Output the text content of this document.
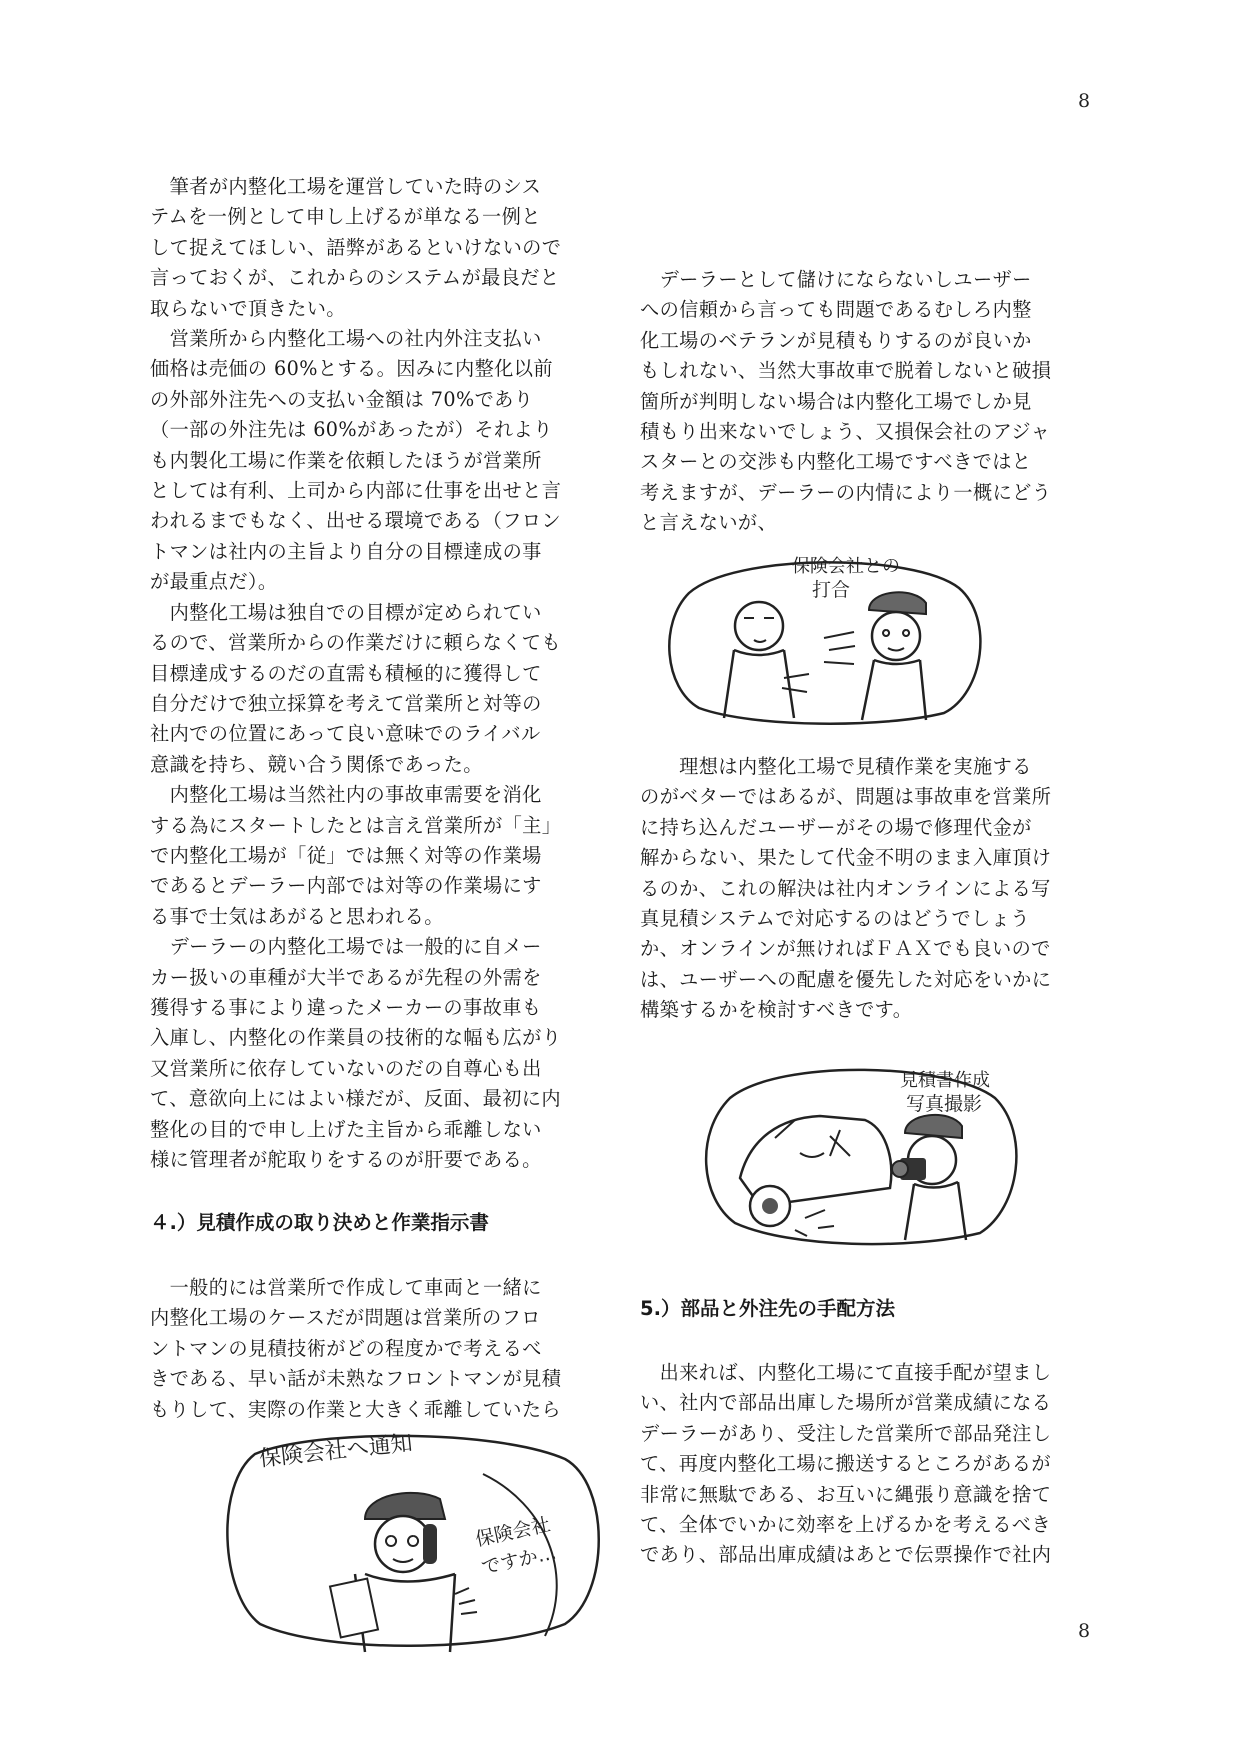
8

　筆者が内整化工場を運営していた時のシス

テムを一例として申し上げるが単なる一例と

して捉えてほしい、語弊があるといけないので

言っておくが、これからのシステムが最良だと

取らないで頂きたい。

　営業所から内整化工場への社内外注支払い

価格は売価の 60%とする。因みに内整化以前

の外部外注先への支払い金額は 70%であり

（一部の外注先は 60%があったが）それより

も内製化工場に作業を依頼したほうが営業所

としては有利、上司から内部に仕事を出せと言

われるまでもなく、出せる環境である（フロン

トマンは社内の主旨より自分の目標達成の事

が最重点だ）。

　内整化工場は独自での目標が定められてい

るので、営業所からの作業だけに頼らなくても

目標達成するのだの直需も積極的に獲得して

自分だけで独立採算を考えて営業所と対等の

社内での位置にあって良い意味でのライバル

意識を持ち、競い合う関係であった。

　内整化工場は当然社内の事故車需要を消化

する為にスタートしたとは言え営業所が「主」

で内整化工場が「従」では無く対等の作業場

であるとデーラー内部では対等の作業場にす

る事で士気はあがると思われる。

　デーラーの内整化工場では一般的に自メー

カー扱いの車種が大半であるが先程の外需を

獲得する事により違ったメーカーの事故車も

入庫し、内整化の作業員の技術的な幅も広がり

又営業所に依存していないのだの自尊心も出

て、意欲向上にはよい様だが、反面、最初に内

整化の目的で申し上げた主旨から乖離しない

様に管理者が舵取りをするのが肝要である。

４.）見積作成の取り決めと作業指示書

　一般的には営業所で作成して車両と一緒に

内整化工場のケースだが問題は営業所のフロ

ントマンの見積技術がどの程度かで考えるべ

きである、早い話が未熟なフロントマンが見積

もりして、実際の作業と大きく乖離していたら

保険会社へ通知
保険会社
ですか…

　デーラーとして儲けにならないしユーザー

への信頼から言っても問題であるむしろ内整

化工場のベテランが見積もりするのが良いか

もしれない、当然大事故車で脱着しないと破損

箇所が判明しない場合は内整化工場でしか見

積もり出来ないでしょう、又損保会社のアジャ

スターとの交渉も内整化工場ですべきではと

考えますが、デーラーの内情により一概にどう

と言えないが、

保険会社との
打合

　　理想は内整化工場で見積作業を実施する

のがベターではあるが、問題は事故車を営業所

に持ち込んだユーザーがその場で修理代金が

解からない、果たして代金不明のまま入庫頂け

るのか、これの解決は社内オンラインによる写

真見積システムで対応するのはどうでしょう

か、オンラインが無ければＦＡＸでも良いので

は、ユーザーへの配慮を優先した対応をいかに

構築するかを検討すべきです。

見積書作成
写真撮影
5.）部品と外注先の手配方法

　出来れば、内整化工場にて直接手配が望まし

い、社内で部品出庫した場所が営業成績になる

デーラーがあり、受注した営業所で部品発注し

て、再度内整化工場に搬送するところがあるが

非常に無駄である、お互いに縄張り意識を捨て

て、全体でいかに効率を上げるかを考えるべき

であり、部品出庫成績はあとで伝票操作で社内

8
